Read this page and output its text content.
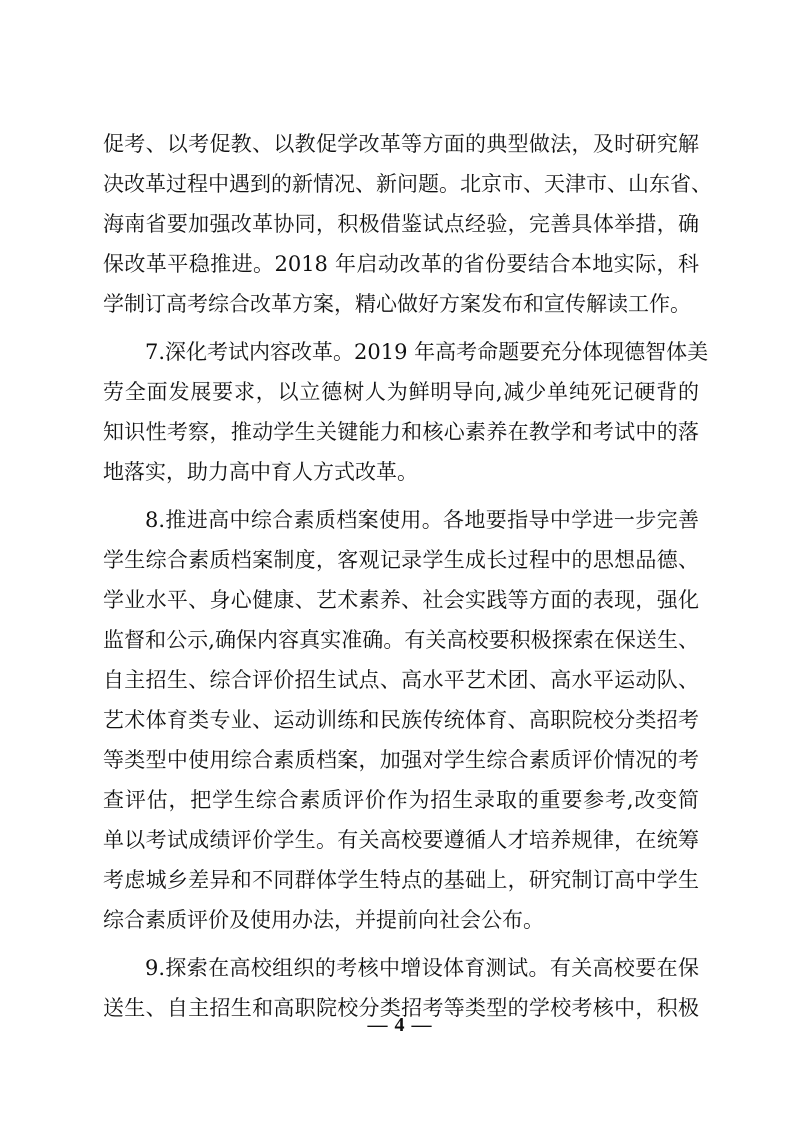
促考、以考促教、以教促学改革等方面的典型做法，及时研究解
决改革过程中遇到的新情况、新问题。北京市、天津市、山东省、
海南省要加强改革协同，积极借鉴试点经验，完善具体举措，确
保改革平稳推进。2018 年启动改革的省份要结合本地实际，科
学制订高考综合改革方案，精心做好方案发布和宣传解读工作。
7.深化考试内容改革。2019 年高考命题要充分体现德智体美
劳全面发展要求，以立德树人为鲜明导向,减少单纯死记硬背的
知识性考察，推动学生关键能力和核心素养在教学和考试中的落
地落实，助力高中育人方式改革。
8.推进高中综合素质档案使用。各地要指导中学进一步完善
学生综合素质档案制度，客观记录学生成长过程中的思想品德、
学业水平、身心健康、艺术素养、社会实践等方面的表现，强化
监督和公示,确保内容真实准确。有关高校要积极探索在保送生、
自主招生、综合评价招生试点、高水平艺术团、高水平运动队、
艺术体育类专业、运动训练和民族传统体育、高职院校分类招考
等类型中使用综合素质档案，加强对学生综合素质评价情况的考
查评估，把学生综合素质评价作为招生录取的重要参考,改变简
单以考试成绩评价学生。有关高校要遵循人才培养规律，在统筹
考虑城乡差异和不同群体学生特点的基础上，研究制订高中学生
综合素质评价及使用办法，并提前向社会公布。
9.探索在高校组织的考核中增设体育测试。有关高校要在保
送生、自主招生和高职院校分类招考等类型的学校考核中，积极
— 4 —
